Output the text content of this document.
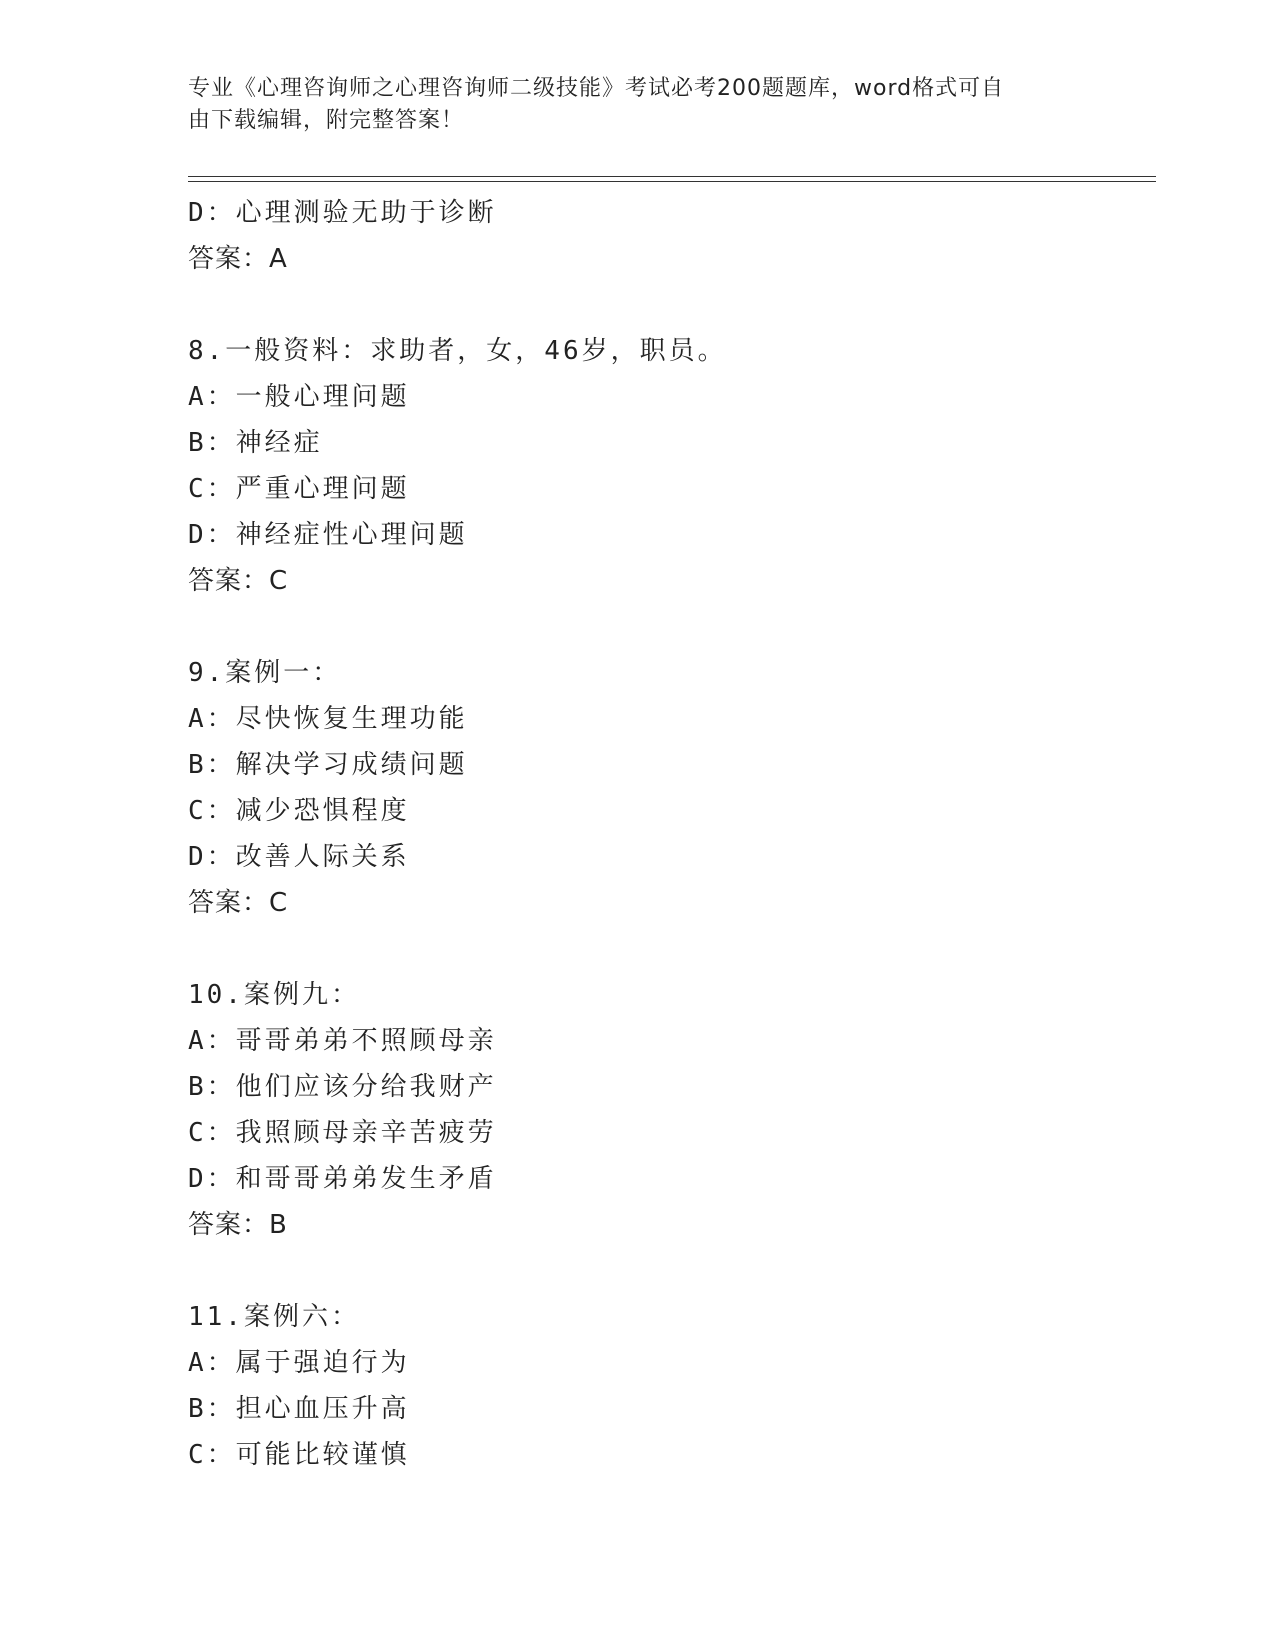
专业《心理咨询师之心理咨询师二级技能》考试必考200题题库，word格式可自
由下载编辑，附完整答案！
D：心理测验无助于诊断
答案：A
8.一般资料：求助者，女，46岁，职员。
A：一般心理问题
B：神经症
C：严重心理问题
D：神经症性心理问题
答案：C
9.案例一：
A：尽快恢复生理功能
B：解决学习成绩问题
C：减少恐惧程度
D：改善人际关系
答案：C
10.案例九：
A：哥哥弟弟不照顾母亲
B：他们应该分给我财产
C：我照顾母亲辛苦疲劳
D：和哥哥弟弟发生矛盾
答案：B
11.案例六：
A：属于强迫行为
B：担心血压升高
C：可能比较谨慎
